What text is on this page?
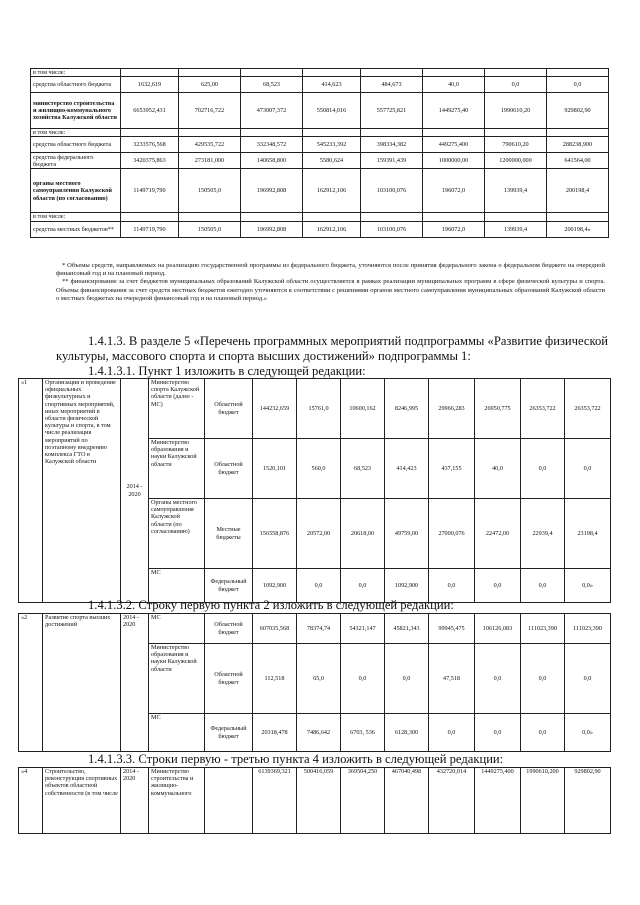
в том числе:								
средства областного бюджета	1632,619	625,00	68,523	414,623	484,673	40,0	0,0	0,0
министерство строительства и жилищно-коммунального хозяйства Калужской области	6653952,431	702716,722	473007,372	550814,016	557725,821	1449275,40	1990610,20	929802,90
в том числе:								
средства областного бюджета	3233576,568	429535,722	332348,572	545233,392	398334,382	449275,400	790610,20	288238,900
средства федерального бюджета	3420375,863	273181,000	140658,800	5580,624	159391,439	1000000,00	1200000,000	641564,00
органы местного самоуправления Калужской области (по согласованию)	1149719,790	150505,0	196992,808	162912,106	103100,076	196072,0	139939,4	200198,4
в том числе:								
средства местных бюджетов**	1149719,790	150505,0	196992,808	162912,106	103100,076	196072,0	139939,4	200198,4»

* Объемы средств, направляемых на реализацию государственной программы из федерального бюджета, уточняются после принятия федерального закона о федеральном бюджете на очередной финансовый год и на плановый период.

** финансирование за счет бюджетов муниципальных образований Калужской области осуществляется в рамках реализации муниципальных программ в сфере физической культуры и спорта. Объемы финансирования за счет средств местных бюджетов ежегодно уточняются в соответствии с решениями органов местного самоуправления муниципальных образований Калужской области о местных бюджетах на очередной финансовый год и на плановый период.»

1.4.1.3. В разделе 5 «Перечень программных мероприятий подпрограммы «Развитие физической культуры, массового спорта и спорта высших достижений» подпрограммы 1:
1.4.1.3.1. Пункт 1 изложить в следующей редакции:
«1	Организация и проведение официальных физкультурных и спортивных мероприятий, иных мероприятий в области физической культуры и спорта, в том числе реализация мероприятий по поэтапному внедрению комплекса ГТО в Калужской области	2014 - 2020	Министерство спорта Калужской области (далее - МС)	Областной бюджет	144232,659	15761,0	10600,162	8246,995	29966,283	26950,775	26353,722	26353,722
			Министерство образования и науки Калужской области	Областной бюджет	1520,101	560,0	68,523	414,423	437,155	40,0	0,0	0,0
			Органы местного самоуправления Калужской области (по согласованию)	Местные бюджеты	156558,876	20572,00	20618,00	49759,00	27000,076	22472,00	22939,4	23198,4
			МС	Федеральный бюджет	1092,900	0,0	0,0	1092,900	0,0	0,0	0,0	0,0»
1.4.1.3.2. Строку первую пункта 2 изложить в следующей редакции:
«2	Развитие спорта высших достижений	2014 - 2020	МС	Областной бюджет	607035,568	78374,74	54321,147	45821,343	99945,475	106126,083	111023,390	111023,390
			Министерство образования и науки Калужской области	Областной бюджет	112,518	65,0	0,0	0,0	47,518	0,0	0,0	0,0
			МС	Федеральный бюджет	20318,478	7486,642	6703, 536	6128,300	0,0	0,0	0,0	0,0»
1.4.1.3.3. Строки первую - третью пункта 4 изложить в следующей редакции:
«4	Строительство, реконструкция спортивных объектов областной собственности (в том числе	2014 - 2020	Министерство строительства и жилищно-коммунального		6139369,321	500416,059	369504,250	467040,498	432720,014	1449275,400	1990610,200	929802,90
